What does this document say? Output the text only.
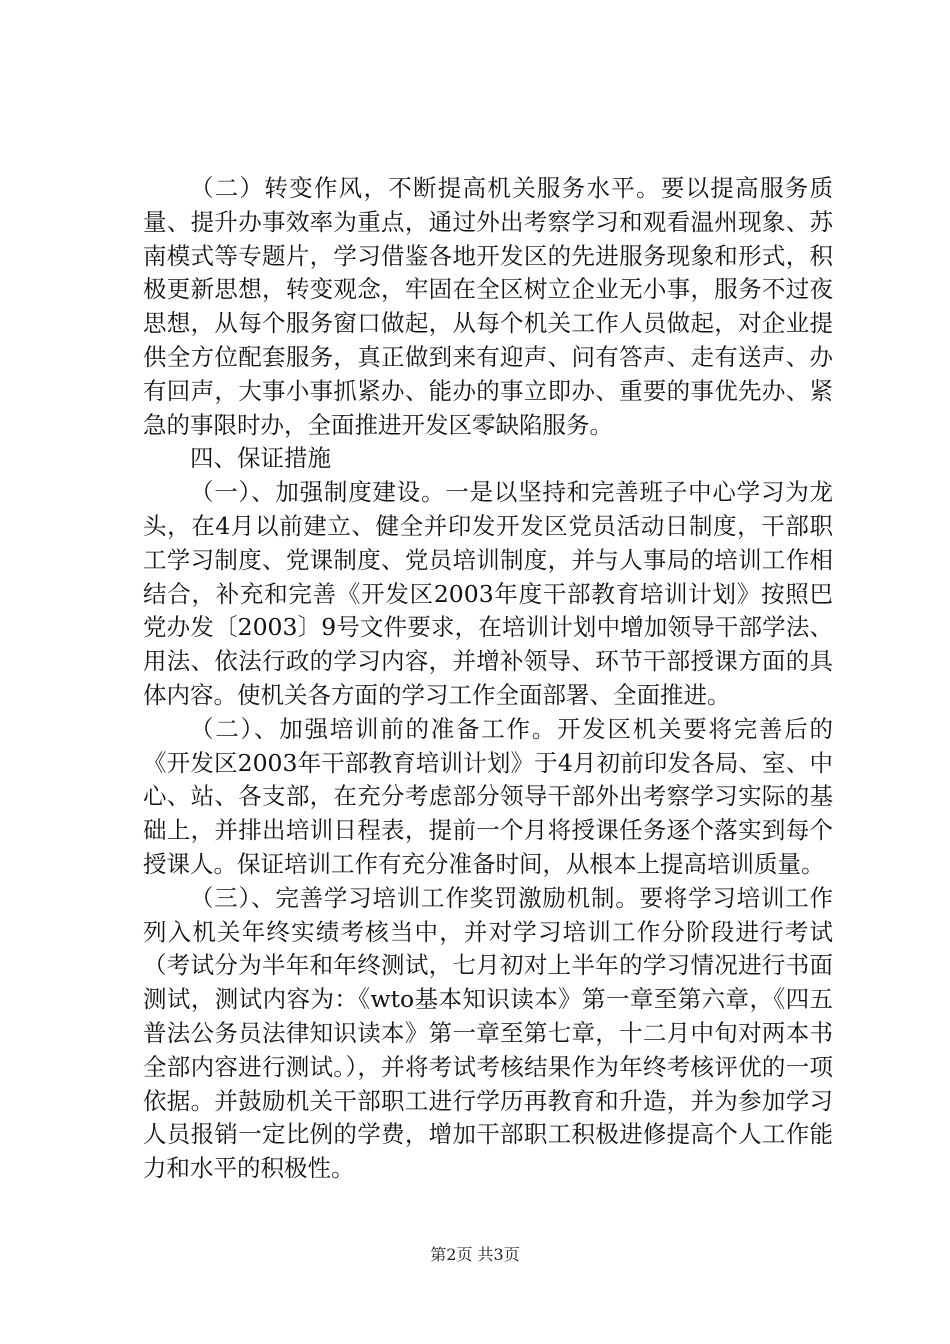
（二）转变作风，不断提高机关服务水平。要以提高服务质量、提升办事效率为重点，通过外出考察学习和观看温州现象、苏南模式等专题片，学习借鉴各地开发区的先进服务现象和形式，积极更新思想，转变观念，牢固在全区树立企业无小事，服务不过夜思想，从每个服务窗口做起，从每个机关工作人员做起，对企业提供全方位配套服务，真正做到来有迎声、问有答声、走有送声、办有回声，大事小事抓紧办、能办的事立即办、重要的事优先办、紧急的事限时办，全面推进开发区零缺陷服务。

四、保证措施

（一）、加强制度建设。一是以坚持和完善班子中心学习为龙头，在4月以前建立、健全并印发开发区党员活动日制度，干部职工学习制度、党课制度、党员培训制度，并与人事局的培训工作相结合，补充和完善《开发区2003年度干部教育培训计划》按照巴党办发〔2003〕9号文件要求，在培训计划中增加领导干部学法、用法、依法行政的学习内容，并增补领导、环节干部授课方面的具体内容。使机关各方面的学习工作全面部署、全面推进。

（二）、加强培训前的准备工作。开发区机关要将完善后的《开发区2003年干部教育培训计划》于4月初前印发各局、室、中心、站、各支部，在充分考虑部分领导干部外出考察学习实际的基础上，并排出培训日程表，提前一个月将授课任务逐个落实到每个授课人。保证培训工作有充分准备时间，从根本上提高培训质量。

（三）、完善学习培训工作奖罚激励机制。要将学习培训工作列入机关年终实绩考核当中，并对学习培训工作分阶段进行考试（考试分为半年和年终测试，七月初对上半年的学习情况进行书面测试，测试内容为：《wto基本知识读本》第一章至第六章，《四五普法公务员法律知识读本》第一章至第七章，十二月中旬对两本书全部内容进行测试。），并将考试考核结果作为年终考核评优的一项依据。并鼓励机关干部职工进行学历再教育和升造，并为参加学习人员报销一定比例的学费，增加干部职工积极进修提高个人工作能力和水平的积极性。

第2页 共3页
